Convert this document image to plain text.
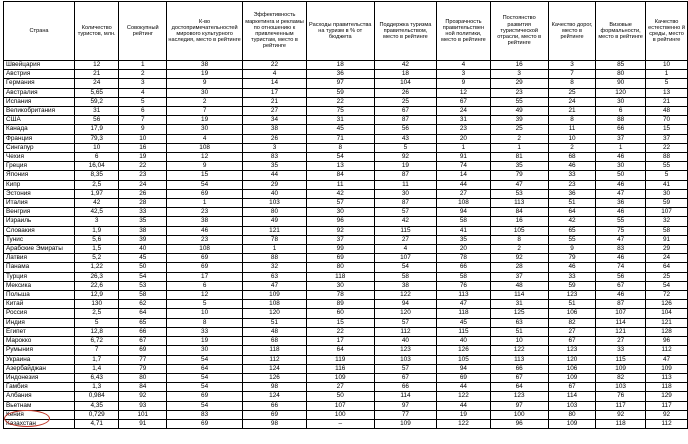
Страна	Количество туристов, млн.	Совокупный рейтинг	К-во достопримечательностей мирового культурного наследия, место в рейтинге	Эффективность маркетинга и рекламы по отношению к привлеченным туристам, место в рейтинге	Расходы правительства на туризм в % от бюджета	Поддержка туризма правительством, место в рейтинге	Прозрачность правительствен ной политики, место в рейтинге	Постоянство развития туристической отрасли, место в рейтинге	Качество дорог, место в рейтинге	Визовые формальности, место в рейтинге	Качество естественно й среды, место в рейтинге
Швейцария	12	1	38	22	18	42	4	16	3	85	10
Австрия	21	2	19	4	36	18	3	3	7	80	1
Германия	24	3	9	14	97	104	9	29	8	90	5
Австралия	5,65	4	30	17	59	26	12	23	25	120	13
Испания	59,2	5	2	21	22	25	67	55	24	30	21
Великобритания	31	6	7	27	75	67	24	49	21	6	48
США	56	7	19	34	31	87	31	39	8	88	70
Канада	17,9	9	30	38	45	56	23	25	11	66	15
Франция	79,3	10	4	26	71	43	20	2	10	37	37
Сингапур	10	16	108	3	8	5	1	1	2	1	22
Чехия	6	19	12	83	54	92	91	81	68	46	88
Греция	16,04	22	9	35	13	19	74	35	46	30	55
Япония	8,35	23	15	44	84	87	14	79	33	50	5
Кипр	2,5	24	54	29	11	11	44	47	23	46	41
Эстония	1,97	26	69	40	42	30	27	53	36	47	30
Италия	42	28	1	103	57	87	108	113	51	36	59
Венгрия	42,5	33	23	80	30	57	94	84	64	46	107
Израиль	3	35	38	49	96	42	58	16	42	55	32
Словакия	1,9	38	46	121	92	115	41	105	65	75	58
Тунис	5,6	39	23	78	37	27	35	8	55	47	91
Арабские Эмираты	1,5	40	108	1	99	4	20	2	9	83	29
Латвия	5,2	45	69	88	69	107	78	92	79	46	24
Панама	1,22	50	69	32	80	54	66	28	46	74	64
Турция	26,3	54	17	63	118	58	58	37	33	56	25
Мексика	22,6	53	6	47	30	38	76	48	59	67	54
Польша	12,9	58	12	109	78	122	113	114	123	46	72
Китай	130	62	5	108	89	94	47	31	51	87	126
Россия	2,5	64	10	120	60	120	118	125	106	107	104
Индия	5	65	8	51	15	57	45	63	82	114	121
Египет	12,8	66	33	48	22	112	115	51	27	121	128
Марокко	6,72	67	19	68	17	40	40	10	67	27	96
Румыния	7	69	30	118	64	123	126	122	123	33	112
Украина	1,7	77	54	112	119	103	105	113	120	115	47
Азербайджан	1,4	79	64	124	116	57	94	66	106	109	109
Индонезия	6,43	80	54	126	109	67	69	67	109	82	113
Гамбия	1,3	84	54	98	27	66	44	64	67	103	118
Албания	0,984	92	69	124	50	114	122	123	114	76	129
Вьетнам	4,35	93	54	66	107	97	44	97	103	117	117
Кения	0,729	101	83	69	100	77	19	100	80	92	92
Казахстан	4,71	91	69	98	–	109	122	96	109	118	112
